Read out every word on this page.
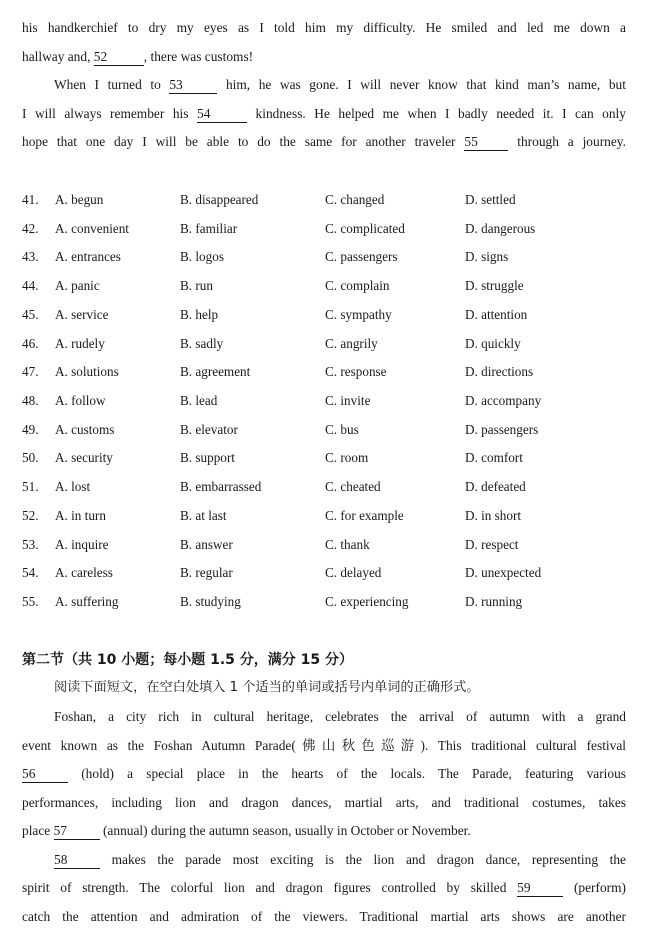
his handkerchief to dry my eyes as I told him my difficulty. He smiled and led me down a
hallway and, 52	, there was customs!
When I turned to 53	him, he was gone. I will never know that kind man’s name, but
I will always remember his 54	kindness. He helped me when I badly needed it. I can only
hope that one day I will be able to do the same for another traveler 55	through a journey.
41. A. begun	B. disappeared	C. changed	D. settled
42. A. convenient	B. familiar	C. complicated	D. dangerous
43. A. entrances	B. logos	C. passengers	D. signs
44. A. panic	B. run	C. complain	D. struggle
45. A. service	B. help	C. sympathy	D. attention
46. A. rudely	B. sadly	C. angrily	D. quickly
47. A. solutions	B. agreement	C. response	D. directions
48. A. follow	B. lead	C. invite	D. accompany
49. A. customs	B. elevator	C. bus	D. passengers
50. A. security	B. support	C. room	D. comfort
51. A. lost	B. embarrassed	C. cheated	D. defeated
52. A. in turn	B. at last	C. for example	D. in short
53. A. inquire	B. answer	C. thank	D. respect
54. A. careless	B. regular	C. delayed	D. unexpected
55. A. suffering	B. studying	C. experiencing	D. running
第二节（共 10 小题；每小题 1.5 分，满分 15 分）
阅读下面短文，在空白处填入 1 个适当的单词或括号内单词的正确形式。
Foshan, a city rich in cultural heritage, celebrates the arrival of autumn with a grand
event known as the Foshan Autumn Parade(佛山秋色巡游). This traditional cultural festival
56	(hold) a special place in the hearts of the locals. The Parade, featuring various
performances, including lion and dragon dances, martial arts, and traditional costumes, takes
place 57	(annual) during the autumn season, usually in October or November.
58	makes the parade most exciting is the lion and dragon dance, representing the
spirit of strength. The colorful lion and dragon figures controlled by skilled 59	(perform)
catch the attention and admiration of the viewers. Traditional martial arts shows are another
